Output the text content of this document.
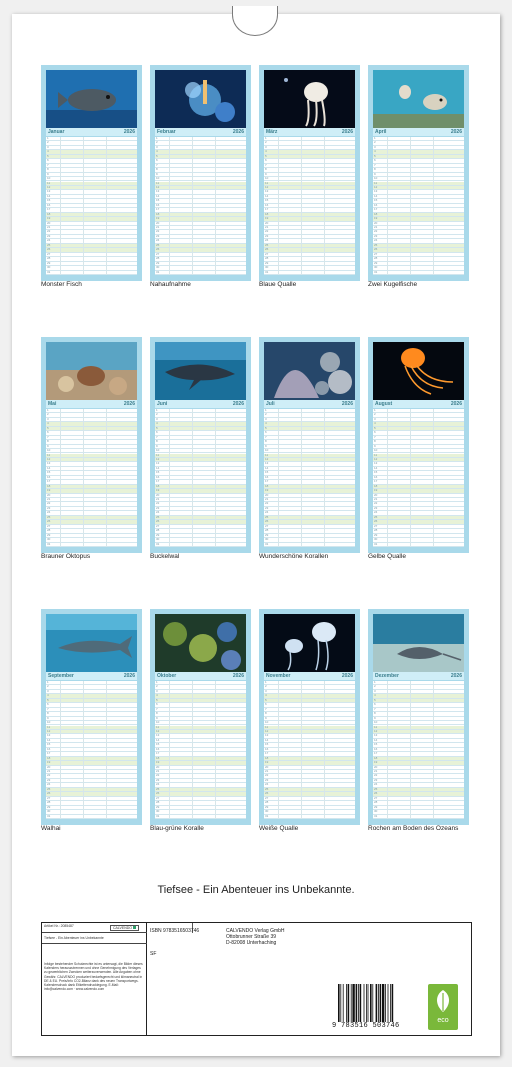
Januar	2026
1
2
3
4
5
6
7
8
9
10
11
12
13
14
15
16
17
18
19
20
21
22
23
24
25
26
27
28
29
30
31
Monster Fisch
Februar	2026
1
2
3
4
5
6
7
8
9
10
11
12
13
14
15
16
17
18
19
20
21
22
23
24
25
26
27
28
29
30
31
Nahaufnahme
März	2026
1
2
3
4
5
6
7
8
9
10
11
12
13
14
15
16
17
18
19
20
21
22
23
24
25
26
27
28
29
30
31
Blaue Qualle
April	2026
1
2
3
4
5
6
7
8
9
10
11
12
13
14
15
16
17
18
19
20
21
22
23
24
25
26
27
28
29
30
31
Zwei Kugelfische
Mai	2026
1
2
3
4
5
6
7
8
9
10
11
12
13
14
15
16
17
18
19
20
21
22
23
24
25
26
27
28
29
30
31
Brauner Oktopus
Juni	2026
1
2
3
4
5
6
7
8
9
10
11
12
13
14
15
16
17
18
19
20
21
22
23
24
25
26
27
28
29
30
31
Buckelwal
Juli	2026
1
2
3
4
5
6
7
8
9
10
11
12
13
14
15
16
17
18
19
20
21
22
23
24
25
26
27
28
29
30
31
Wunderschöne Korallen
August	2026
1
2
3
4
5
6
7
8
9
10
11
12
13
14
15
16
17
18
19
20
21
22
23
24
25
26
27
28
29
30
31
Gelbe Qualle
September	2026
1
2
3
4
5
6
7
8
9
10
11
12
13
14
15
16
17
18
19
20
21
22
23
24
25
26
27
28
29
30
31
Walhai
Oktober	2026
1
2
3
4
5
6
7
8
9
10
11
12
13
14
15
16
17
18
19
20
21
22
23
24
25
26
27
28
29
30
31
Blau-grüne Koralle
November	2026
1
2
3
4
5
6
7
8
9
10
11
12
13
14
15
16
17
18
19
20
21
22
23
24
25
26
27
28
29
30
31
Weiße Qualle
Dezember	2026
1
2
3
4
5
6
7
8
9
10
11
12
13
14
15
16
17
18
19
20
21
22
23
24
25
26
27
28
29
30
31
Rochen am Boden des Ozeans
Tiefsee - Ein Abenteuer ins Unbekannte.
Artikel Nr.: 2085487	CALVENDO
Tiefsee - Ein Abenteuer ins Unbekannte
Infolge bestehender Schutzrechte ist es untersagt, die Bilder dieses Kalenders herauszutrennen und ohne Genehmigung des Verlages zu gewerblichen Zwecken weiterzuverwenden. Alle Angaben ohne Gewähr. CALVENDO produziert bedarfsgerecht und klimaneutral in DE & EU. Preis/Info CO2-Bilanz dank des neuen Transportwegs. Kalendersdruck dank Etikettendrucklegung. E-Mail: info@calvendo.com · www.calvendo.com
ISBN 9783516503746
SF
CALVENDO Verlag GmbH
Ottobrunner Straße 39
D-82008 Unterhaching
9 783516 503746
eco
